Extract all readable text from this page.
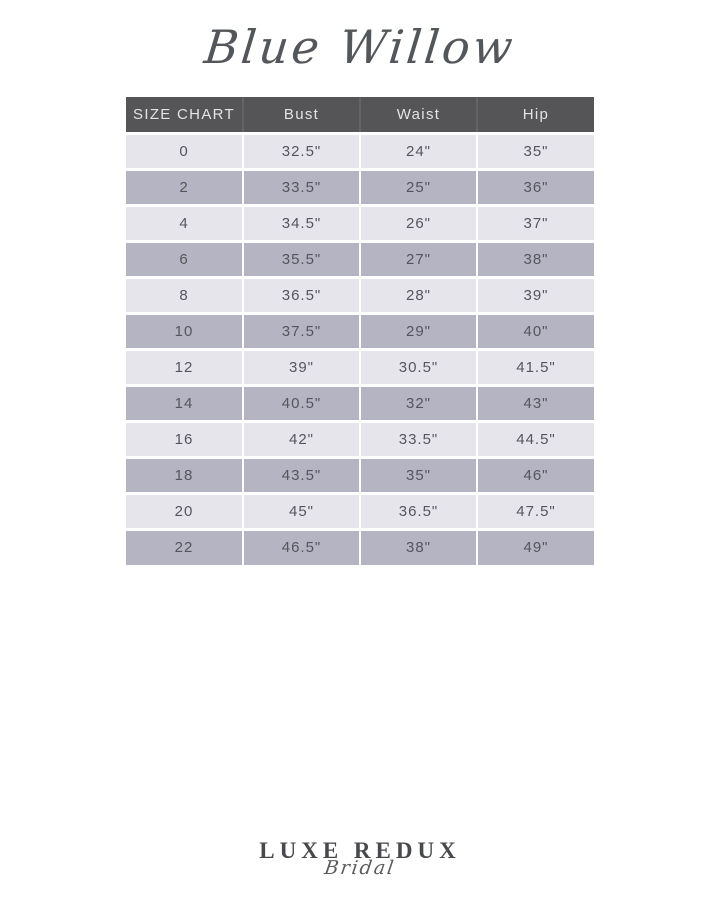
Blue Willow
SIZE CHART	Bust	Waist	Hip
0	32.5"	24"	35"
2	33.5"	25"	36"
4	34.5"	26"	37"
6	35.5"	27"	38"
8	36.5"	28"	39"
10	37.5"	29"	40"
12	39"	30.5"	41.5"
14	40.5"	32"	43"
16	42"	33.5"	44.5"
18	43.5"	35"	46"
20	45"	36.5"	47.5"
22	46.5"	38"	49"
LUXE REDUX
Bridal
